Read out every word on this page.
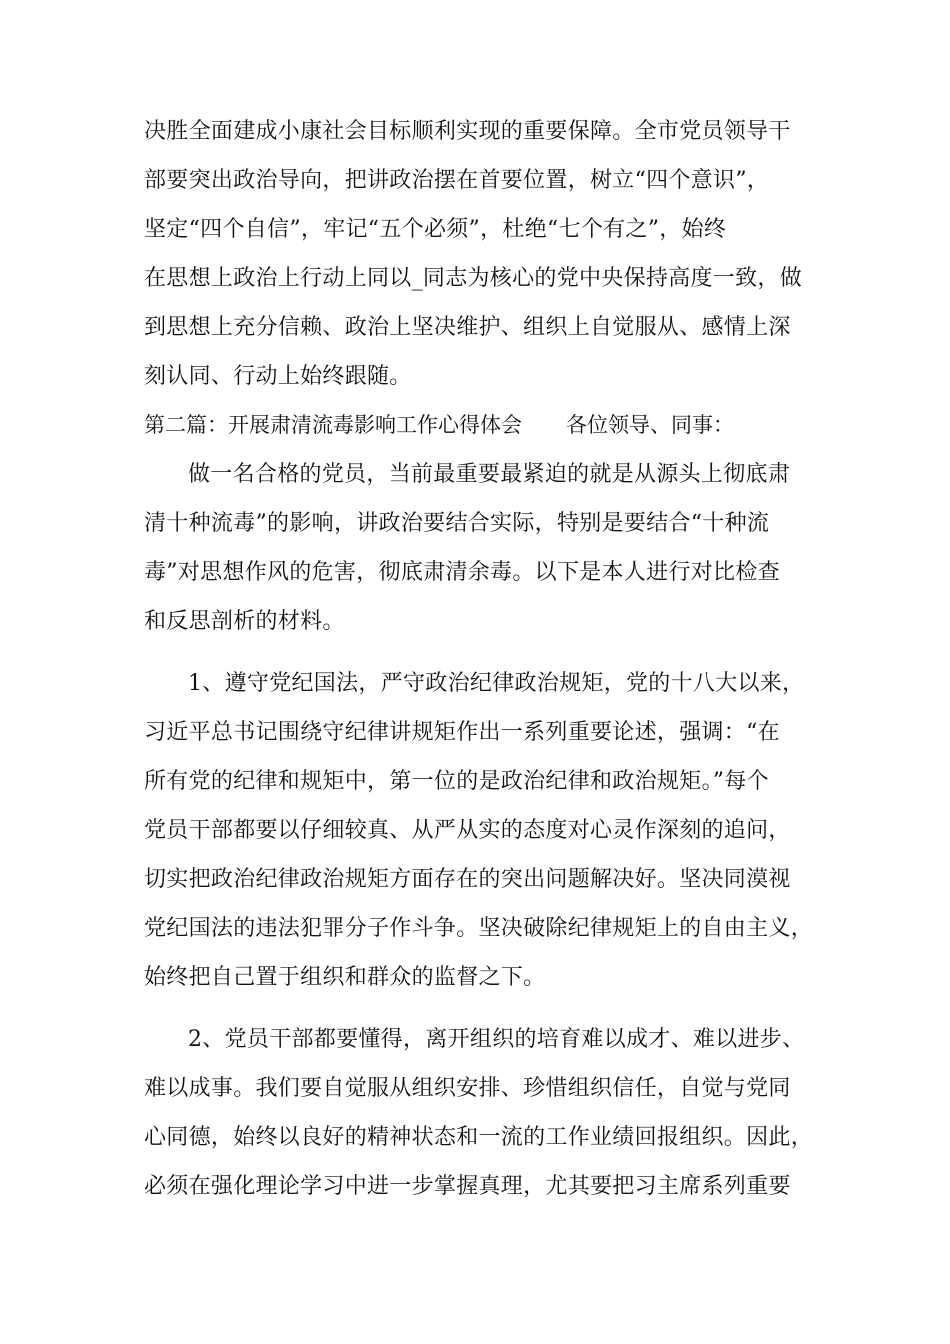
决胜全面建成小康社会目标顺利实现的重要保障。全市党员领导干
部要突出政治导向，把讲政治摆在首要位置，树立“四个意识”，
坚定“四个自信”，牢记“五个必须”，杜绝“七个有之”，始终
在思想上政治上行动上同以_同志为核心的党中央保持高度一致，做
到思想上充分信赖、政治上坚决维护、组织上自觉服从、感情上深
刻认同、行动上始终跟随。
第二篇：开展肃清流毒影响工作心得体会 各位领导、同事：
做一名合格的党员，当前最重要最紧迫的就是从源头上彻底肃
清十种流毒”的影响，讲政治要结合实际，特别是要结合“十种流
毒”对思想作风的危害，彻底肃清余毒。以下是本人进行对比检查
和反思剖析的材料。
1、遵守党纪国法，严守政治纪律政治规矩，党的十八大以来，
习近平总书记围绕守纪律讲规矩作出一系列重要论述，强调：“在
所有党的纪律和规矩中，第一位的是政治纪律和政治规矩。”每个
党员干部都要以仔细较真、从严从实的态度对心灵作深刻的追问，
切实把政治纪律政治规矩方面存在的突出问题解决好。坚决同漠视
党纪国法的违法犯罪分子作斗争。坚决破除纪律规矩上的自由主义，
始终把自己置于组织和群众的监督之下。
2、党员干部都要懂得，离开组织的培育难以成才、难以进步、
难以成事。我们要自觉服从组织安排、珍惜组织信任，自觉与党同
心同德，始终以良好的精神状态和一流的工作业绩回报组织。因此，
必须在强化理论学习中进一步掌握真理，尤其要把习主席系列重要
